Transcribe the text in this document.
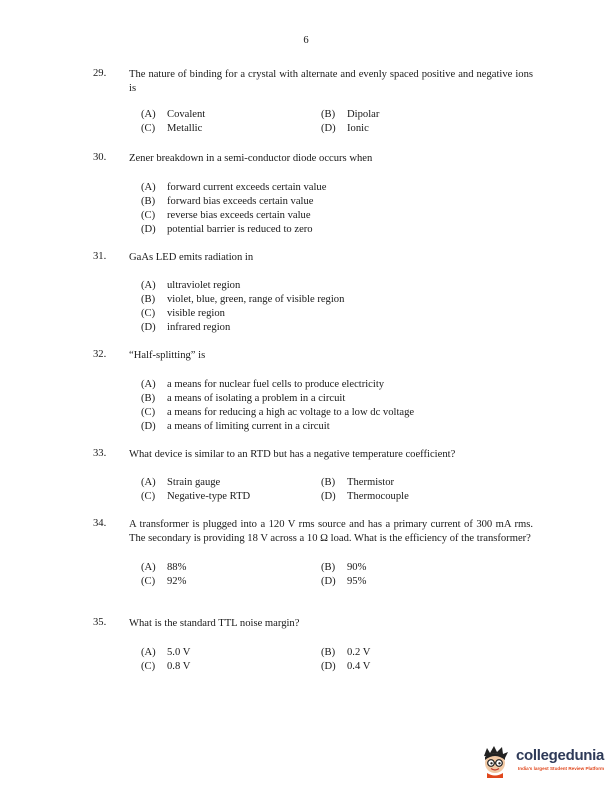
6
29. The nature of binding for a crystal with alternate and evenly spaced positive and negative ions is
(A) Covalent	(B) Dipolar
(C) Metallic	(D) Ionic
30. Zener breakdown in a semi-conductor diode occurs when
(A) forward current exceeds certain value
(B) forward bias exceeds certain value
(C) reverse bias exceeds certain value
(D) potential barrier is reduced to zero
31. GaAs LED emits radiation in
(A) ultraviolet region
(B) violet, blue, green, range of visible region
(C) visible region
(D) infrared region
32. “Half-splitting” is
(A) a means for nuclear fuel cells to produce electricity
(B) a means of isolating a problem in a circuit
(C) a means for reducing a high ac voltage to a low dc voltage
(D) a means of limiting current in a circuit
33. What device is similar to an RTD but has a negative temperature coefficient?
(A) Strain gauge	(B) Thermistor
(C) Negative-type RTD	(D) Thermocouple
34. A transformer is plugged into a 120 V rms source and has a primary current of 300 mA rms. The secondary is providing 18 V across a 10 Ω load. What is the efficiency of the transformer?
(A) 88%	(B) 90%
(C) 92%	(D) 95%
35. What is the standard TTL noise margin?
(A) 5.0 V	(B) 0.2 V
(C) 0.8 V	(D) 0.4 V
collegedunia
India's largest Student Review Platform
